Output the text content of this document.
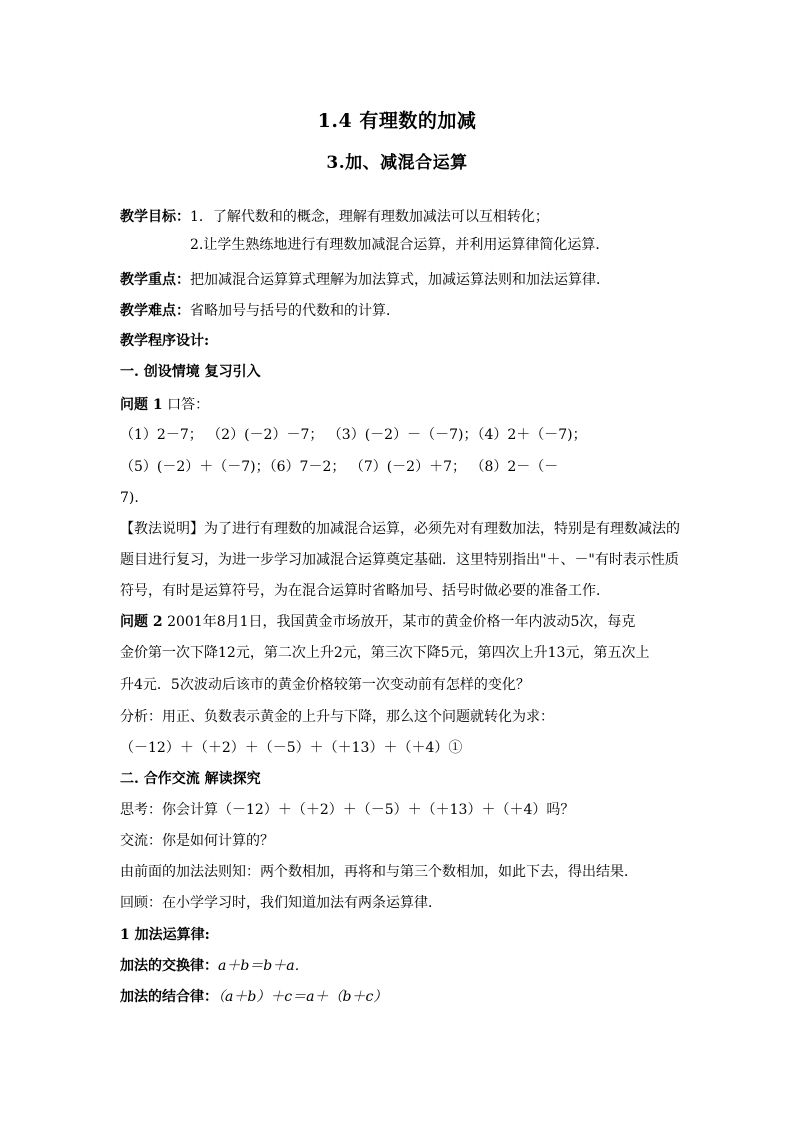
1.4 有理数的加减
3.加、减混合运算
教学目标：1．了解代数和的概念，理解有理数加减法可以互相转化；
2.让学生熟练地进行有理数加减混合运算，并利用运算律简化运算．
教学重点：把加减混合运算算式理解为加法算式，加减运算法则和加法运算律．
教学难点：省略加号与括号的代数和的计算．
教学程序设计:
一. 创设情境 复习引入
问题 1 口答：
（1）2－7； （2）(－2）－7； （3）(－2）－（－7)；（4）2＋（－7)；
（5）(－2）＋（－7)；（6）7－2； （7）(－2）＋7； （8）2－（－
7).
【教法说明】为了进行有理数的加减混合运算，必须先对有理数加法，特别是有理数减法的
题目进行复习，为进一步学习加减混合运算奠定基础．这里特别指出"＋、－"有时表示性质
符号，有时是运算符号，为在混合运算时省略加号、括号时做必要的准备工作．
问题 2 2001年8月1日，我国黄金市场放开，某市的黄金价格一年内波动5次，每克
金价第一次下降12元，第二次上升2元，第三次下降5元，第四次上升13元，第五次上
升4元．5次波动后该市的黄金价格较第一次变动前有怎样的变化？
分析：用正、负数表示黄金的上升与下降，那么这个问题就转化为求：
（－12）＋（＋2）＋（－5）＋（＋13）＋（＋4）①
二. 合作交流 解读探究
思考：你会计算（－12）＋（＋2）＋（－5）＋（＋13）＋（＋4）吗？
交流：你是如何计算的？
由前面的加法法则知：两个数相加，再将和与第三个数相加，如此下去，得出结果．
回顾：在小学学习时，我们知道加法有两条运算律．
1 加法运算律:
加法的交换律：a＋b＝b＋a．
加法的结合律：（a＋b）＋c＝a＋（b＋c）
